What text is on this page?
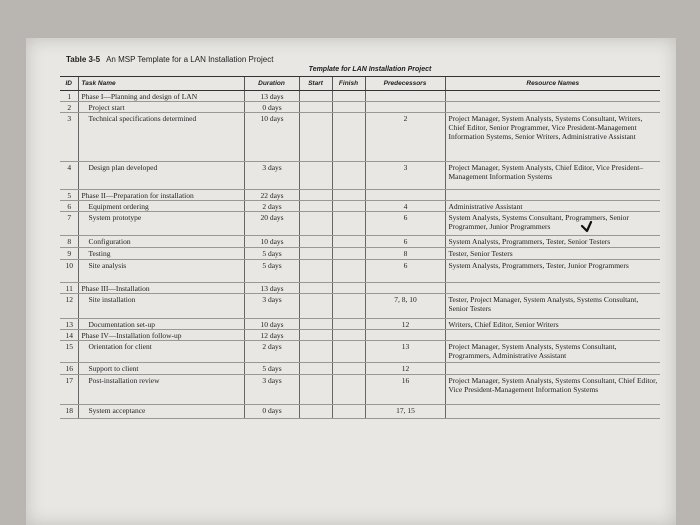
Table 3-5 An MSP Template for a LAN Installation Project
Template for LAN Installation Project
ID	Task Name	Duration	Start	Finish	Predecessors	Resource Names
1	Phase I—Planning and design of LAN	13 days				
2	Project start	0 days				
3	Technical specifications determined	10 days			2	Project Manager, System Analysts, Systems Consultant, Writers, Chief Editor, Senior Programmer, Vice President-Management Information Systems, Senior Writers, Administrative Assistant
4	Design plan developed	3 days			3	Project Manager, System Analysts, Chief Editor, Vice President–Management Information Systems
5	Phase II—Preparation for installation	22 days				
6	Equipment ordering	2 days			4	Administrative Assistant
7	System prototype	20 days			6	System Analysts, Systems Consultant, Programmers, Senior Programmer, Junior Programmers
8	Configuration	10 days			6	System Analysts, Programmers, Tester, Senior Testers
9	Testing	5 days			8	Tester, Senior Testers
10	Site analysis	5 days			6	System Analysts, Programmers, Tester, Junior Programmers
11	Phase III—Installation	13 days				
12	Site installation	3 days			7, 8, 10	Tester, Project Manager, System Analysts, Systems Consultant, Senior Testers
13	Documentation set-up	10 days			12	Writers, Chief Editor, Senior Writers
14	Phase IV—Installation follow-up	12 days				
15	Orientation for client	2 days			13	Project Manager, System Analysts, Systems Consultant, Programmers, Administrative Assistant
16	Support to client	5 days			12	
17	Post-installation review	3 days			16	Project Manager, System Analysts, Systems Consultant, Chief Editor, Vice President-Management Information Systems
18	System acceptance	0 days			17, 15	
